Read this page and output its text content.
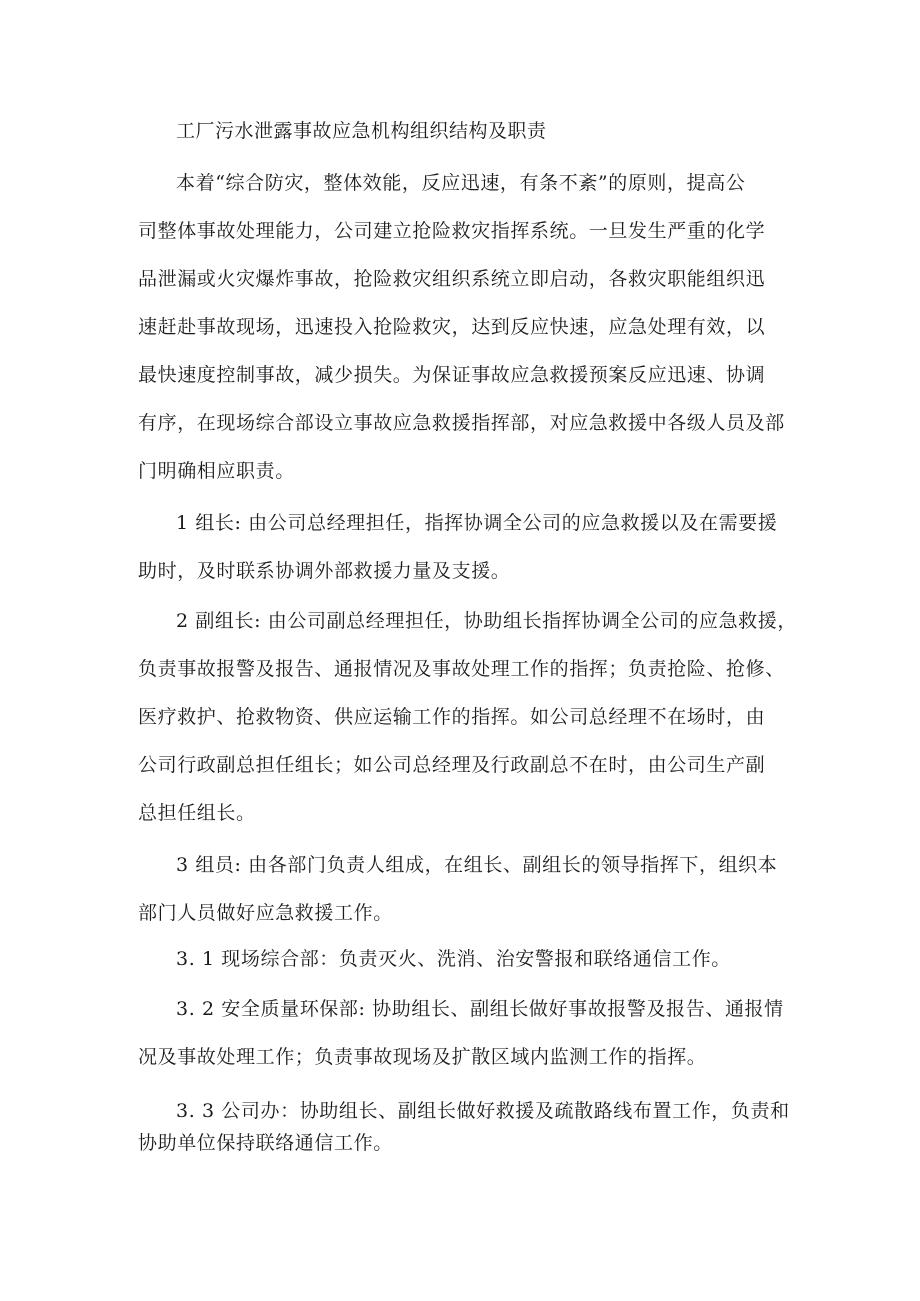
工厂污水泄露事故应急机构组织结构及职责
本着“综合防灾，整体效能，反应迅速，有条不紊”的原则，提高公
司整体事故处理能力，公司建立抢险救灾指挥系统。一旦发生严重的化学
品泄漏或火灾爆炸事故，抢险救灾组织系统立即启动，各救灾职能组织迅
速赶赴事故现场，迅速投入抢险救灾，达到反应快速，应急处理有效，以
最快速度控制事故，减少损失。为保证事故应急救援预案反应迅速、协调
有序，在现场综合部设立事故应急救援指挥部，对应急救援中各级人员及部
门明确相应职责。
1 组长: 由公司总经理担任，指挥协调全公司的应急救援以及在需要援
助时，及时联系协调外部救援力量及支援。
2 副组长: 由公司副总经理担任，协助组长指挥协调全公司的应急救援，
负责事故报警及报告、通报情况及事故处理工作的指挥；负责抢险、抢修、
医疗救护、抢救物资、供应运输工作的指挥。如公司总经理不在场时，由
公司行政副总担任组长；如公司总经理及行政副总不在时，由公司生产副
总担任组长。
3 组员: 由各部门负责人组成，在组长、副组长的领导指挥下，组织本
部门人员做好应急救援工作。
3. 1 现场综合部：负责灭火、洗消、治安警报和联络通信工作。
3. 2 安全质量环保部: 协助组长、副组长做好事故报警及报告、通报情
况及事故处理工作；负责事故现场及扩散区域内监测工作的指挥。
3. 3 公司办：协助组长、副组长做好救援及疏散路线布置工作，负责和
协助单位保持联络通信工作。
